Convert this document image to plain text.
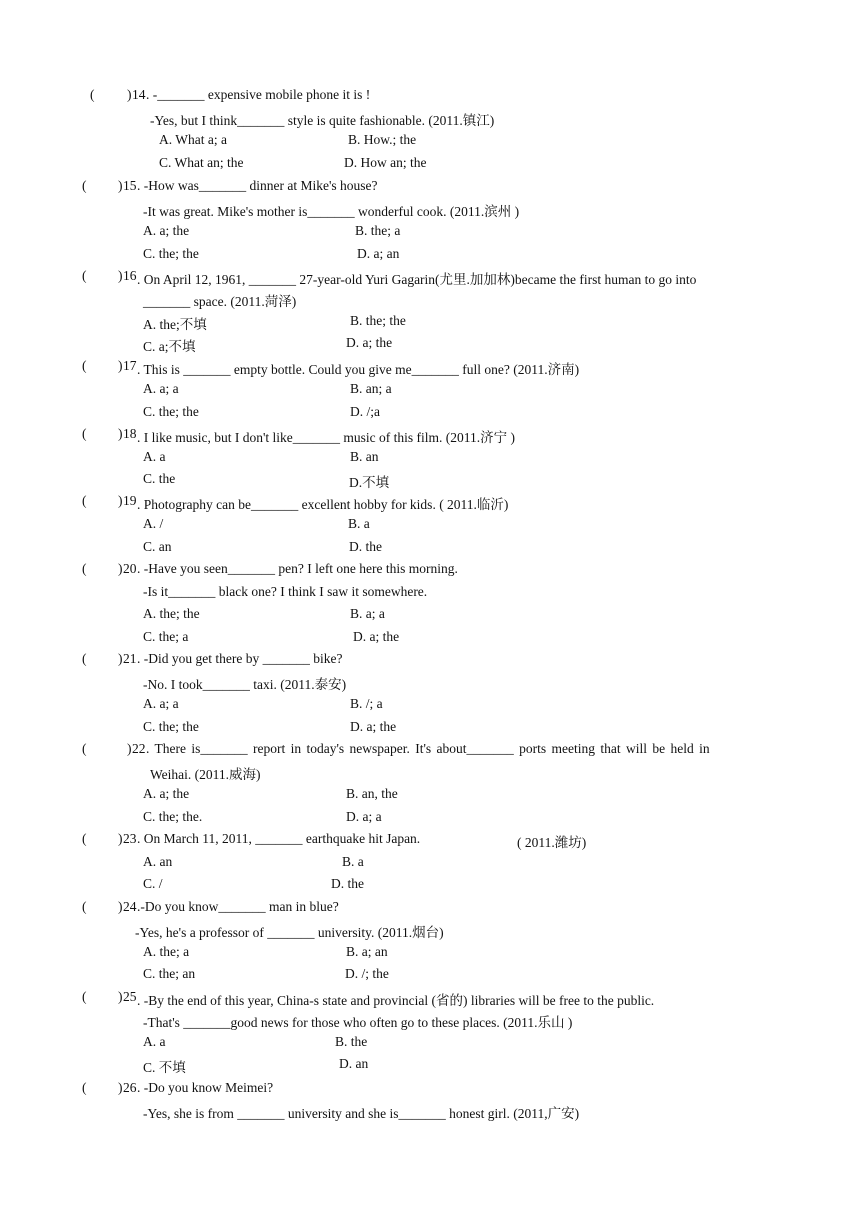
( ) 14 . -_______ expensive mobile phone it is !
-Yes, but I think_______ style is quite fashionable. (2011.镇江)
A. What a; a	B. How.; the
C. What an; the	D. How an; the
( ) 15 . -How was_______ dinner at Mike's house?
-It was great. Mike's mother is_______ wonderful cook. (2011.滨州 )
A. a; the	B. the; a
C. the; the	D. a; an
( ) 16 . On April 12, 1961, _______ 27-year-old Yuri Gagarin(尤里.加加林)became the first human to go into
_______ space. (2011.菏泽)
A. the;不填	B. the; the
C. a;不填	D. a; the
( ) 17 . This is _______ empty bottle. Could you give me_______ full one? (2011.济南)
A. a; a	B. an; a
C. the; the	D. /;a
( ) 18 . I like music, but I don't like_______ music of this film. (2011.济宁 )
A. a	B. an
C. the	D.不填
( ) 19 . Photography can be_______ excellent hobby for kids. ( 2011.临沂)
A. /	B. a
C. an	D. the
( ) 20 . -Have you seen_______ pen? I left one here this morning.
-Is it_______ black one? I think I saw it somewhere.
A. the; the	B. a; a
C. the; a	D. a; the
( ) 21 . -Did you get there by _______ bike?
-No. I took_______ taxi. (2011.泰安)
A. a; a	B. /; a
C. the; the	D. a; the
(	) 22 . There is_______ report in today's newspaper. It's about_______ ports meeting that will be held in
Weihai. (2011.威海)
A. a; the	B. an, the
C. the; the.	D. a; a
( ) 23 . On March 11, 2011, _______ earthquake hit Japan.	( 2011.潍坊)
A. an	B. a
C. /	D. the
( ) 24 .-Do you know_______ man in blue?
-Yes, he's a professor of _______ university. (2011.烟台)
A. the; a	B. a; an
C. the; an	D. /; the
( ) 25 . -By the end of this year, China-s state and provincial (省的) libraries will be free to the public.
-That's _______good news for those who often go to these places. (2011.乐山 )
A. a	B. the
C. 不填	D. an
( ) 26 . -Do you know Meimei?
-Yes, she is from _______ university and she is_______ honest girl. (2011,广安)
